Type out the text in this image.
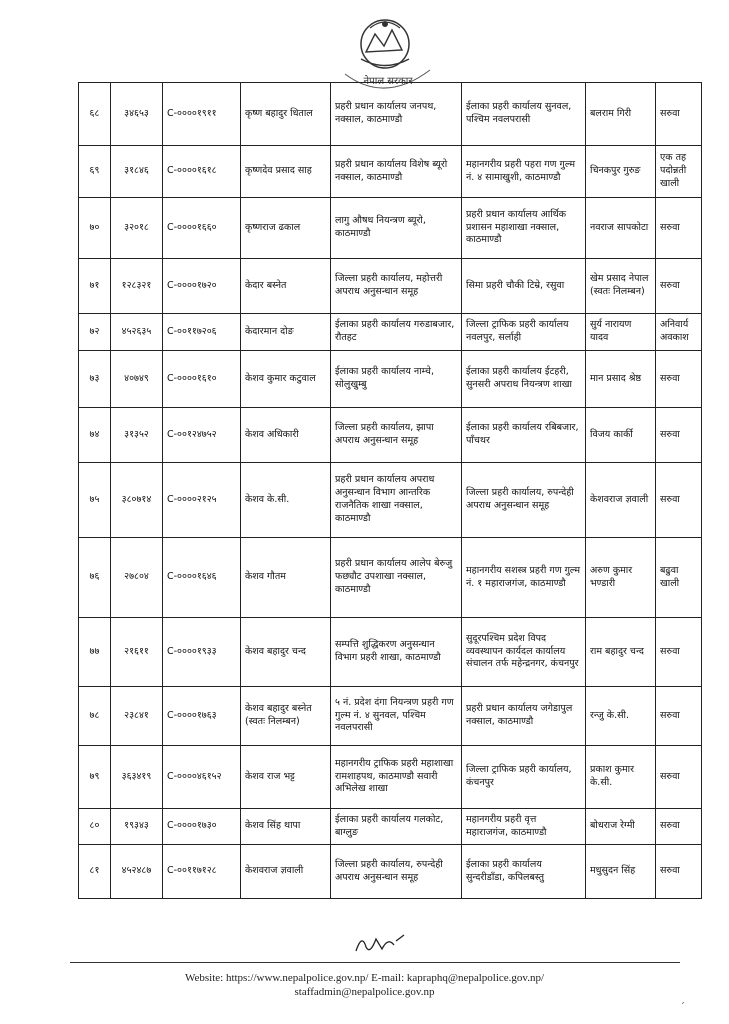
नेपाल सरकार
६८	३४६५३	C-००००१९११	कृष्ण बहादुर धिताल	प्रहरी प्रधान कार्यालय जनपथ, नक्साल, काठमाण्डौ	ईलाका प्रहरी कार्यालय सुनवल, पश्चिम नवलपरासी	बलराम गिरी	सरुवा
६९	३१८४६	C-००००१६१८	कृष्णदेव प्रसाद साह	प्रहरी प्रधान कार्यालय विशेष ब्यूरो नक्साल, काठमाण्डौ	महानगरीय प्रहरी पहरा गण गुल्म नं. ४ सामाखुशी, काठमाण्डौ	चिनकपुर गुरुङ	एक तह पदोन्नती खाली
७०	३२०१८	C-००००१६६०	कृष्णराज ढकाल	लागु औषध नियन्त्रण ब्यूरो, काठमाण्डौ	प्रहरी प्रधान कार्यालय आर्थिक प्रशासन महाशाखा नक्साल, काठमाण्डौ	नवराज सापकोटा	सरुवा
७१	१२८३२१	C-००००१७२०	केदार बस्नेत	जिल्ला प्रहरी कार्यालय, महोत्तरी अपराध अनुसन्धान समूह	सिमा प्रहरी चौकी टिम्रे, रसुवा	खेम प्रसाद नेपाल (स्वतः निलम्बन)	सरुवा
७२	४५२६३५	C-००११७२०६	केदारमान दोङ	ईलाका प्रहरी कार्यालय गरुडाबजार, रौतहट	जिल्ला ट्राफिक प्रहरी कार्यालय नवलपुर, सर्लाही	सुर्य नारायण यादव	अनिवार्य अवकाश
७३	४०७४९	C-००००१६१०	केशव कुमार कटुवाल	ईलाका प्रहरी कार्यालय नाम्चे, सोलुखुम्बु	ईलाका प्रहरी कार्यालय ईटहरी, सुनसरी अपराध नियन्त्रण शाखा	मान प्रसाद श्रेष्ठ	सरुवा
७४	३१३५२	C-००१२४७५२	केशव अधिकारी	जिल्ला प्रहरी कार्यालय, झापा अपराध अनुसन्धान समूह	ईलाका प्रहरी कार्यालय रबिबजार, पाँचथर	विजय कार्की	सरुवा
७५	३८०७१४	C-००००२१२५	केशव के.सी.	प्रहरी प्रधान कार्यालय अपराध अनुसन्धान विभाग आन्तरिक राजनैतिक शाखा नक्साल, काठमाण्डौ	जिल्ला प्रहरी कार्यालय, रुपन्देही अपराध अनुसन्धान समूह	केशवराज ज्ञवाली	सरुवा
७६	२७८०४	C-००००१६४६	केशव गौतम	प्रहरी प्रधान कार्यालय आलेप बेरुजु फछ्यौट उपशाखा नक्साल, काठमाण्डौ	महानगरीय सशस्त्र प्रहरी गण गुल्म नं. १ महाराजगंज, काठमाण्डौ	अरुण कुमार भण्डारी	बढुवा खाली
७७	२१६११	C-००००१९३३	केशव बहादुर चन्द	सम्पत्ति शुद्धिकरण अनुसन्धान विभाग प्रहरी शाखा, काठमाण्डौ	सुदूरपश्चिम प्रदेश विपद व्यवस्थापन कार्यदल कार्यालय संचालन तर्फ महेन्द्रनगर, कंचनपुर	राम बहादुर चन्द	सरुवा
७८	२३८४१	C-००००१७६३	केशव बहादुर बस्नेत (स्वतः निलम्बन)	५ नं. प्रदेश दंगा नियन्त्रण प्रहरी गण गुल्म नं. ४ सुनवल, पश्चिम नवलपरासी	प्रहरी प्रधान कार्यालय जगेडापुल नक्साल, काठमाण्डौ	रन्जु के.सी.	सरुवा
७९	३६३४१९	C-००००४६१५२	केशव राज भट्ट	महानगरीय ट्राफिक प्रहरी महाशाखा रामशाहपथ, काठमाण्डौ सवारी अभिलेख शाखा	जिल्ला ट्राफिक प्रहरी कार्यालय, कंचनपुर	प्रकाश कुमार के.सी.	सरुवा
८०	१९३४३	C-००००१७३०	केशव सिंह थापा	ईलाका प्रहरी कार्यालय गलकोट, बाग्लुङ	महानगरीय प्रहरी वृत्त महाराजगंज, काठमाण्डौ	बोधराज रेग्मी	सरुवा
८१	४५२४८७	C-००११७१२८	केशवराज ज्ञवाली	जिल्ला प्रहरी कार्यालय, रुपन्देही अपराध अनुसन्धान समूह	ईलाका प्रहरी कार्यालय सुन्दरीडाँडा, कपिलबस्तु	मधुसुदन सिंह	सरुवा
Website: https://www.nepalpolice.gov.np/ E-mail: kapraphq@nepalpolice.gov.np/
staffadmin@nepalpolice.gov.np
´
